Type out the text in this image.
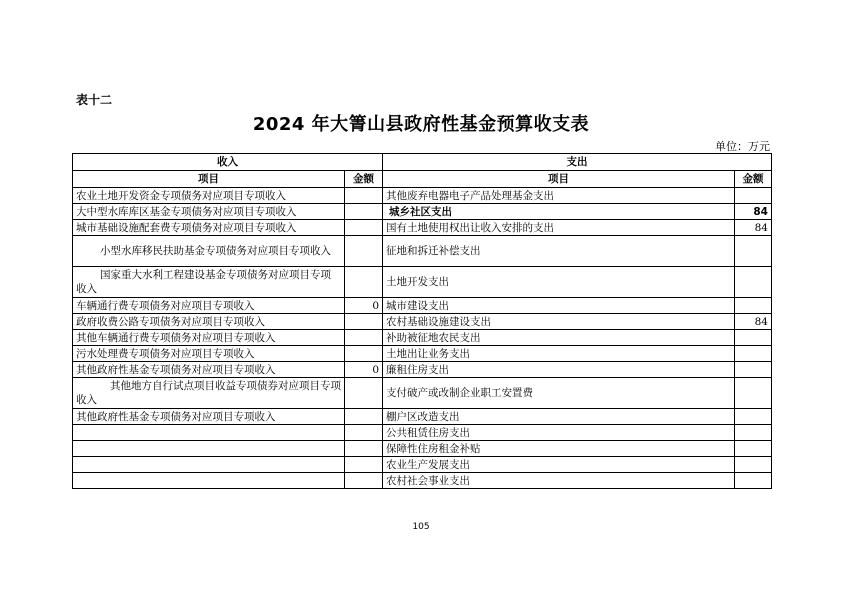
表十二
2024 年大箐山县政府性基金预算收支表
单位：万元
收入		支出	
项目	金额	项目	金额
农业土地开发资金专项债务对应项目专项收入		其他废弃电器电子产品处理基金支出	
大中型水库库区基金专项债务对应项目专项收入		城乡社区支出	84
城市基础设施配套费专项债务对应项目专项收入		国有土地使用权出让收入安排的支出	84
小型水库移民扶助基金专项债务对应项目专项收入		征地和拆迁补偿支出	
国家重大水利工程建设基金专项债务对应项目专项收入		土地开发支出	
车辆通行费专项债务对应项目专项收入	0	城市建设支出	
政府收费公路专项债务对应项目专项收入		农村基础设施建设支出	84
其他车辆通行费专项债务对应项目专项收入		补助被征地农民支出	
污水处理费专项债务对应项目专项收入		土地出让业务支出	
其他政府性基金专项债务对应项目专项收入	0	廉租住房支出	
其他地方自行试点项目收益专项债券对应项目专项收入		支付破产或改制企业职工安置费	
其他政府性基金专项债务对应项目专项收入		棚户区改造支出	
		公共租赁住房支出	
		保障性住房租金补贴	
		农业生产发展支出	
		农村社会事业支出	
105
